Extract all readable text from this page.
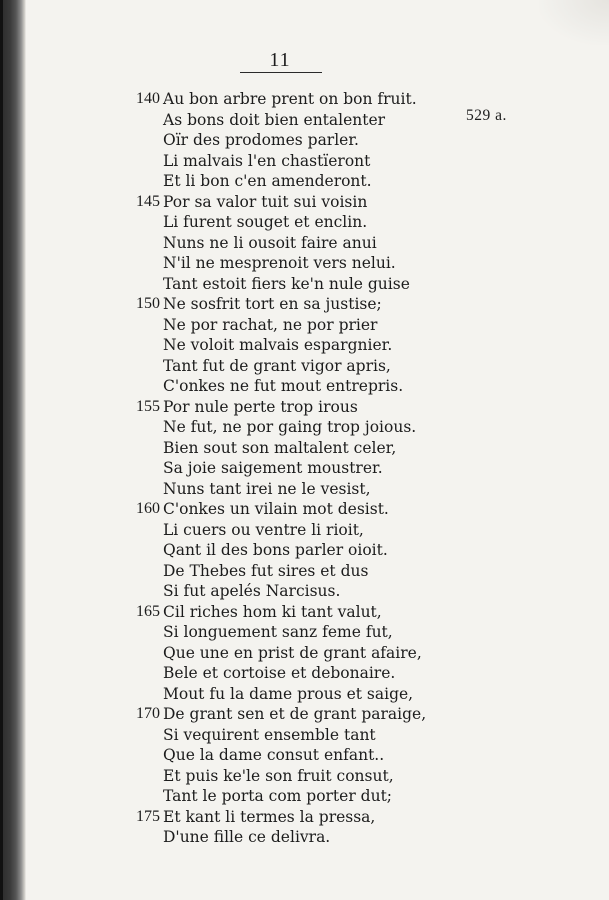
11
529 a.
140 Au bon arbre prent on bon fruit.
As bons doit bien entalenter
Oïr des prodomes parler.
Li malvais l'en chastïeront
Et li bon c'en amenderont.
145 Por sa valor tuit sui voisin
Li furent souget et enclin.
Nuns ne li ousoit faire anui
N'il ne mesprenoit vers nelui.
Tant estoit fiers ke'n nule guise
150 Ne sosfrit tort en sa justise;
Ne por rachat, ne por prier
Ne voloit malvais espargnier.
Tant fut de grant vigor apris,
C'onkes ne fut mout entrepris.
155 Por nule perte trop irous
Ne fut, ne por gaing trop joious.
Bien sout son maltalent celer,
Sa joie saigement moustrer.
Nuns tant irei ne le vesist,
160 C'onkes un vilain mot desist.
Li cuers ou ventre li rioit,
Qant il des bons parler oioit.
De Thebes fut sires et dus
Si fut apelés Narcisus.
165 Cil riches hom ki tant valut,
Si longuement sanz feme fut,
Que une en prist de grant afaire,
Bele et cortoise et debonaire.
Mout fu la dame prous et saige,
170 De grant sen et de grant paraige,
Si vequirent ensemble tant
Que la dame consut enfant..
Et puis ke'le son fruit consut,
Tant le porta com porter dut;
175 Et kant li termes la pressa,
D'une fille ce delivra.
